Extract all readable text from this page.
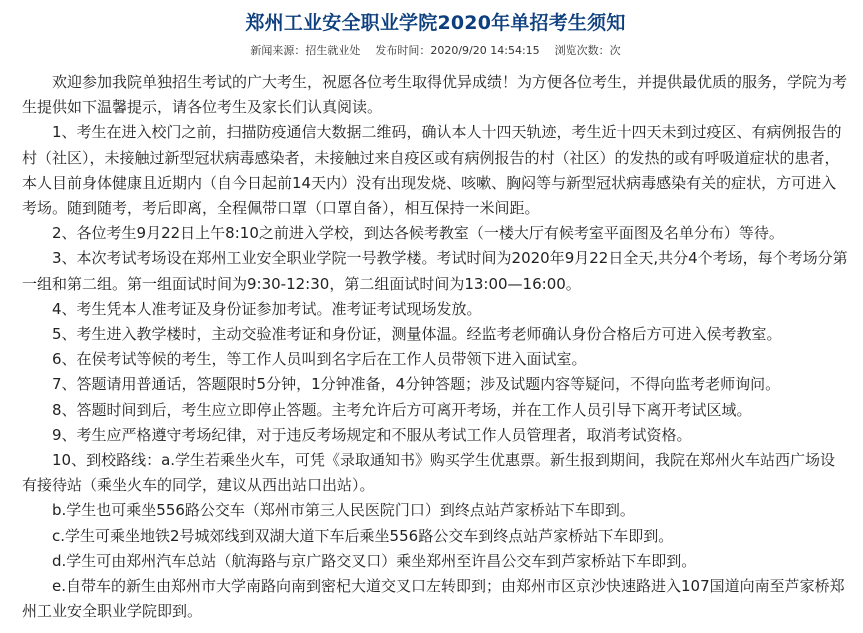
郑州工业安全职业学院2020年单招考生须知
新闻来源：招生就业处 发布时间：2020/9/20 14:54:15 浏览次数：次

欢迎参加我院单独招生考试的广大考生，祝愿各位考生取得优异成绩！为方便各位考生，并提供最优质的服务，学院为考生提供如下温馨提示，请各位考生及家长们认真阅读。

1、考生在进入校门之前，扫描防疫通信大数据二维码，确认本人十四天轨迹，考生近十四天未到过疫区、有病例报告的村（社区），未接触过新型冠状病毒感染者，未接触过来自疫区或有病例报告的村（社区）的发热的或有呼吸道症状的患者，本人目前身体健康且近期内（自今日起前14天内）没有出现发烧、咳嗽、胸闷等与新型冠状病毒感染有关的症状，方可进入考场。随到随考，考后即离，全程佩带口罩（口罩自备），相互保持一米间距。

2、各位考生9月22日上午8:10之前进入学校，到达各候考教室（一楼大厅有候考室平面图及名单分布）等待。

3、本次考试考场设在郑州工业安全职业学院一号教学楼。考试时间为2020年9月22日全天,共分4个考场，每个考场分第一组和第二组。第一组面试时间为9:30-12:30，第二组面试时间为13:00—16:00。

4、考生凭本人准考证及身份证参加考试。准考证考试现场发放。

5、考生进入教学楼时，主动交验准考证和身份证，测量体温。经监考老师确认身份合格后方可进入侯考教室。

6、在侯考试等候的考生，等工作人员叫到名字后在工作人员带领下进入面试室。

7、答题请用普通话，答题限时5分钟，1分钟准备，4分钟答题；涉及试题内容等疑问，不得向监考老师询问。

8、答题时间到后，考生应立即停止答题。主考允许后方可离开考场，并在工作人员引导下离开考试区域。

9、考生应严格遵守考场纪律，对于违反考场规定和不服从考试工作人员管理者，取消考试资格。

10、到校路线：a.学生若乘坐火车，可凭《录取通知书》购买学生优惠票。新生报到期间，我院在郑州火车站西广场设有接待站（乘坐火车的同学，建议从西出站口出站）。

b.学生也可乘坐556路公交车（郑州市第三人民医院门口）到终点站芦家桥站下车即到。

c.学生可乘坐地铁2号城郊线到双湖大道下车后乘坐556路公交车到终点站芦家桥站下车即到。

d.学生可由郑州汽车总站（航海路与京广路交叉口）乘坐郑州至许昌公交车到芦家桥站下车即到。

e.自带车的新生由郑州市大学南路向南到密杞大道交叉口左转即到；由郑州市区京沙快速路进入107国道向南至芦家桥郑州工业安全职业学院即到。
